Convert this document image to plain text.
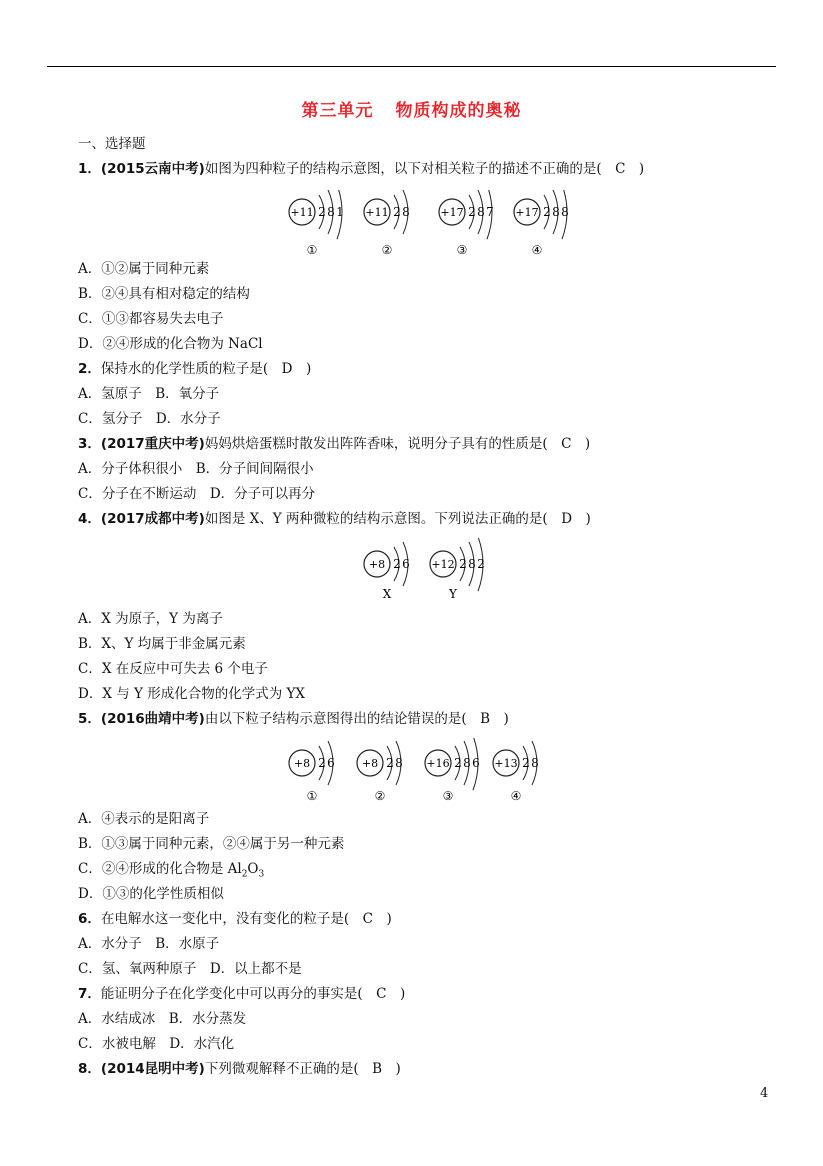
第三单元 物质构成的奥秘
一、选择题
1．(2015云南中考)如图为四种粒子的结构示意图，以下对相关粒子的描述不正确的是(　C　)
+11 2 8 1
①
+11 2 8
②
+17 2 8 7
③
+17 2 8 8
④
A．①②属于同种元素
B．②④具有相对稳定的结构
C．①③都容易失去电子
D．②④形成的化合物为 NaCl
2．保持水的化学性质的粒子是(　D　)
A．氢原子　B．氧分子
C．氢分子　D．水分子
3．(2017重庆中考)妈妈烘焙蛋糕时散发出阵阵香味，说明分子具有的性质是(　C　)
A．分子体积很小　B．分子间间隔很小
C．分子在不断运动　D．分子可以再分
4．(2017成都中考)如图是 X、Y 两种微粒的结构示意图。下列说法正确的是(　D　)
+8 2 6
X
+12 2 8 2
Y
A．X 为原子，Y 为离子
B．X、Y 均属于非金属元素
C．X 在反应中可失去 6 个电子
D．X 与 Y 形成化合物的化学式为 YX
5．(2016曲靖中考)由以下粒子结构示意图得出的结论错误的是(　B　)
+8 2 6
①
+8 2 8
②
+16 2 8 6
③
+13 2 8
④
A．④表示的是阳离子
B．①③属于同种元素，②④属于另一种元素
C．②④形成的化合物是 $Al_2O_3$
D．①③的化学性质相似
6．在电解水这一变化中，没有变化的粒子是(　C　)
A．水分子　B．水原子
C．氢、氧两种原子　D．以上都不是
7．能证明分子在化学变化中可以再分的事实是(　C　)
A．水结成冰　B．水分蒸发
C．水被电解　D．水汽化
8．(2014昆明中考)下列微观解释不正确的是(　B　)
4
